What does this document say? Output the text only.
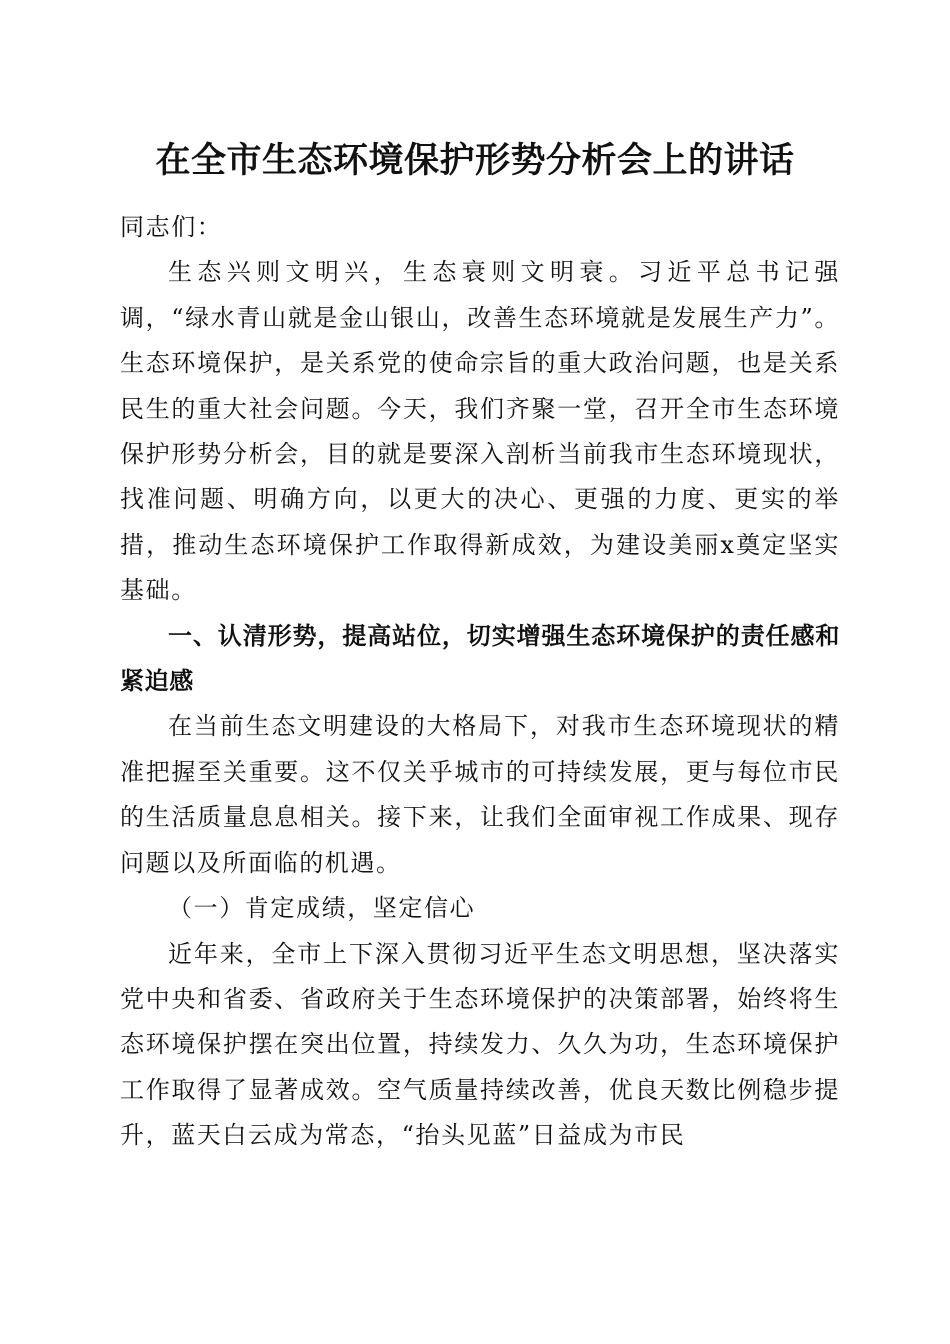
在全市生态环境保护形势分析会上的讲话

同志们：

生态兴则文明兴，生态衰则文明衰。习近平总书记强调，“绿水青山就是金山银山，改善生态环境就是发展生产力”。生态环境保护，是关系党的使命宗旨的重大政治问题，也是关系民生的重大社会问题。今天，我们齐聚一堂，召开全市生态环境保护形势分析会，目的就是要深入剖析当前我市生态环境现状，找准问题、明确方向，以更大的决心、更强的力度、更实的举措，推动生态环境保护工作取得新成效，为建设美丽x奠定坚实基础。

一、认清形势，提高站位，切实增强生态环境保护的责任感和紧迫感

在当前生态文明建设的大格局下，对我市生态环境现状的精准把握至关重要。这不仅关乎城市的可持续发展，更与每位市民的生活质量息息相关。接下来，让我们全面审视工作成果、现存问题以及所面临的机遇。

（一）肯定成绩，坚定信心

近年来，全市上下深入贯彻习近平生态文明思想，坚决落实党中央和省委、省政府关于生态环境保护的决策部署，始终将生态环境保护摆在突出位置，持续发力、久久为功，生态环境保护工作取得了显著成效。空气质量持续改善，优良天数比例稳步提升，蓝天白云成为常态，“抬头见蓝”日益成为市民
